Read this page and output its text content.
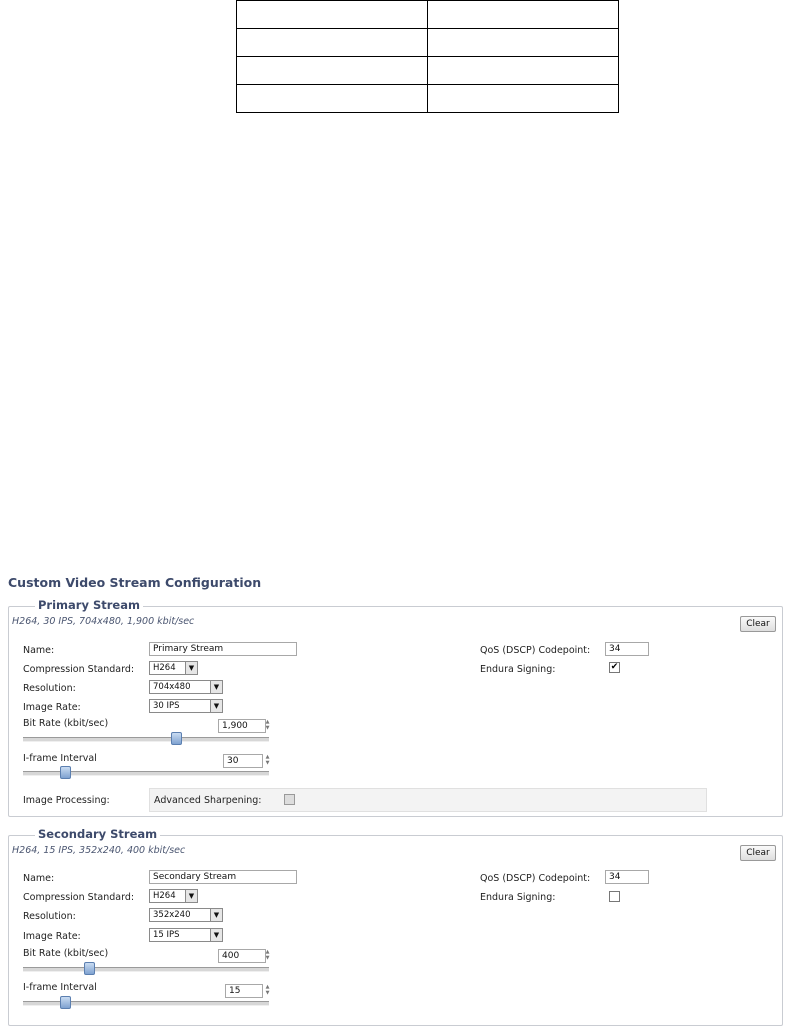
Custom Video Stream Configuration
Primary Stream
H264, 30 IPS, 704x480, 1,900 kbit/sec	Clear
Name:	Primary Stream
Compression Standard:	H264	▼
Resolution:	704x480	▼
Image Rate:	30 IPS	▼
Bit Rate (kbit/sec)	1,900	▲
▼
I-frame Interval	30	▲
▼
Image Processing:	Advanced Sharpening:
QoS (DSCP) Codepoint:	34
Endura Signing:	✔
Secondary Stream
H264, 15 IPS, 352x240, 400 kbit/sec	Clear
Name:	Secondary Stream
Compression Standard:	H264	▼
Resolution:	352x240	▼
Image Rate:	15 IPS	▼
Bit Rate (kbit/sec)	400	▲
▼
I-frame Interval	15	▲
▼
QoS (DSCP) Codepoint:	34
Endura Signing:
